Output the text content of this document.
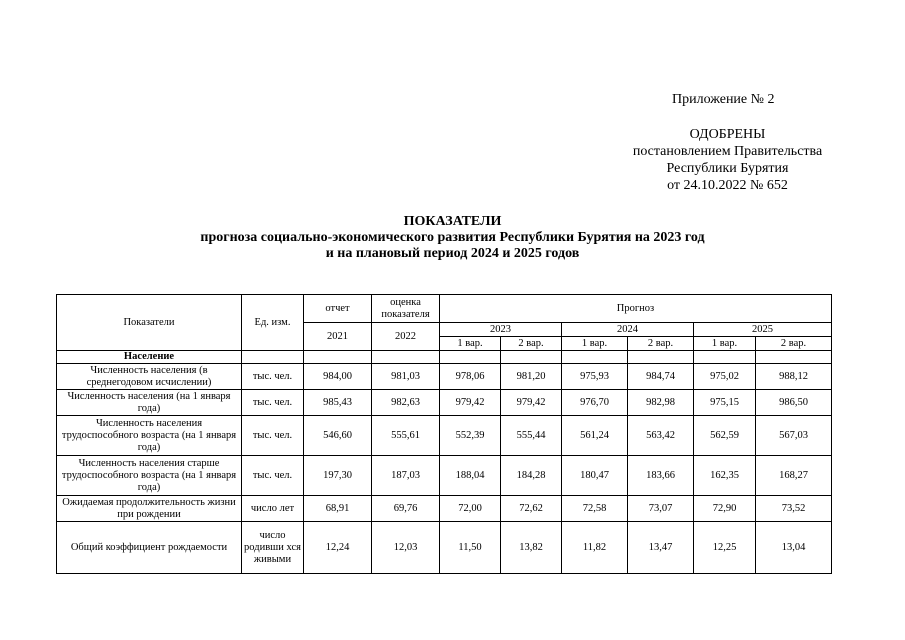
Приложение № 2
ОДОБРЕНЫ
постановлением Правительства
Республики Бурятия
от 24.10.2022 № 652
ПОКАЗАТЕЛИ
прогноза социально-экономического развития Республики Бурятия на 2023 год
и на плановый период 2024 и 2025 годов
Показатели	Ед. изм.	отчет	оценка показателя	Прогноз					
		2021	2022	2023		2024		2025	
				1 вар.	2 вар.	1 вар.	2 вар.	1 вар.	2 вар.
Население									
Численность населения (в среднегодовом исчислении)	тыс. чел.	984,00	981,03	978,06	981,20	975,93	984,74	975,02	988,12
Численность населения (на 1 января года)	тыс. чел.	985,43	982,63	979,42	979,42	976,70	982,98	975,15	986,50
Численность населения трудоспособного возраста (на 1 января года)	тыс. чел.	546,60	555,61	552,39	555,44	561,24	563,42	562,59	567,03
Численность населения старше трудоспособного возраста (на 1 января года)	тыс. чел.	197,30	187,03	188,04	184,28	180,47	183,66	162,35	168,27
Ожидаемая продолжительность жизни при рождении	число лет	68,91	69,76	72,00	72,62	72,58	73,07	72,90	73,52
Общий коэффициент рождаемости	число родивши хся живыми	12,24	12,03	11,50	13,82	11,82	13,47	12,25	13,04
